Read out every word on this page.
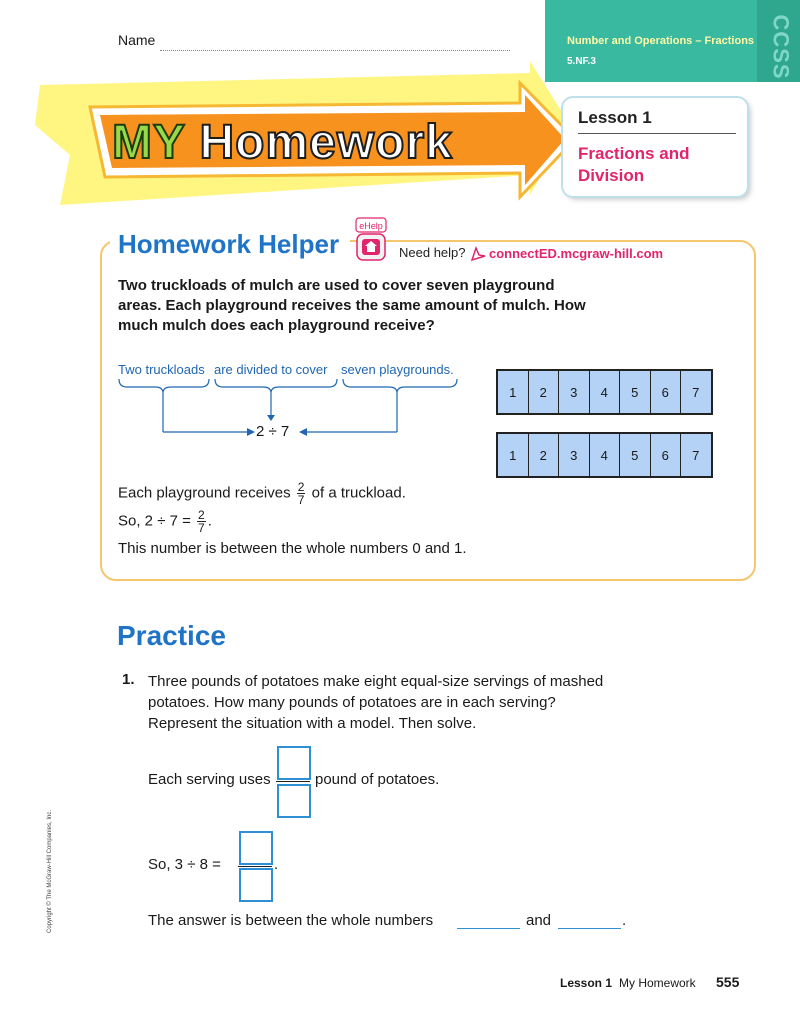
Name	CCSS
Number and Operations – Fractions
5.NF.3
MY Homework	Lesson 1
Fractions and Division
Homework Helper
eHelp
Need help? connectED.mcgraw-hill.com
Two truckloads of mulch are used to cover seven playground areas. Each playground receives the same amount of mulch. How much mulch does each playground receive?
Two truckloads are divided to cover seven playgrounds.
2 ÷ 7
1	2	3	4	5	6	7
1	2	3	4	5	6	7
Each playground receives $\frac{2}{7}$ of a truckload.
So, $2 \div 7 = \frac{2}{7}$ .
This number is between the whole numbers 0 and 1.
Practice
1. Three pounds of potatoes make eight equal-size servings of mashed potatoes. How many pounds of potatoes are in each serving? Represent the situation with a model. Then solve.
Each serving uses	pound of potatoes.
So, 3 ÷ 8 =	.
The answer is between the whole numbers	and	.
Copyright © The McGraw-Hill Companies, Inc.
Lesson 1 My Homework 555
